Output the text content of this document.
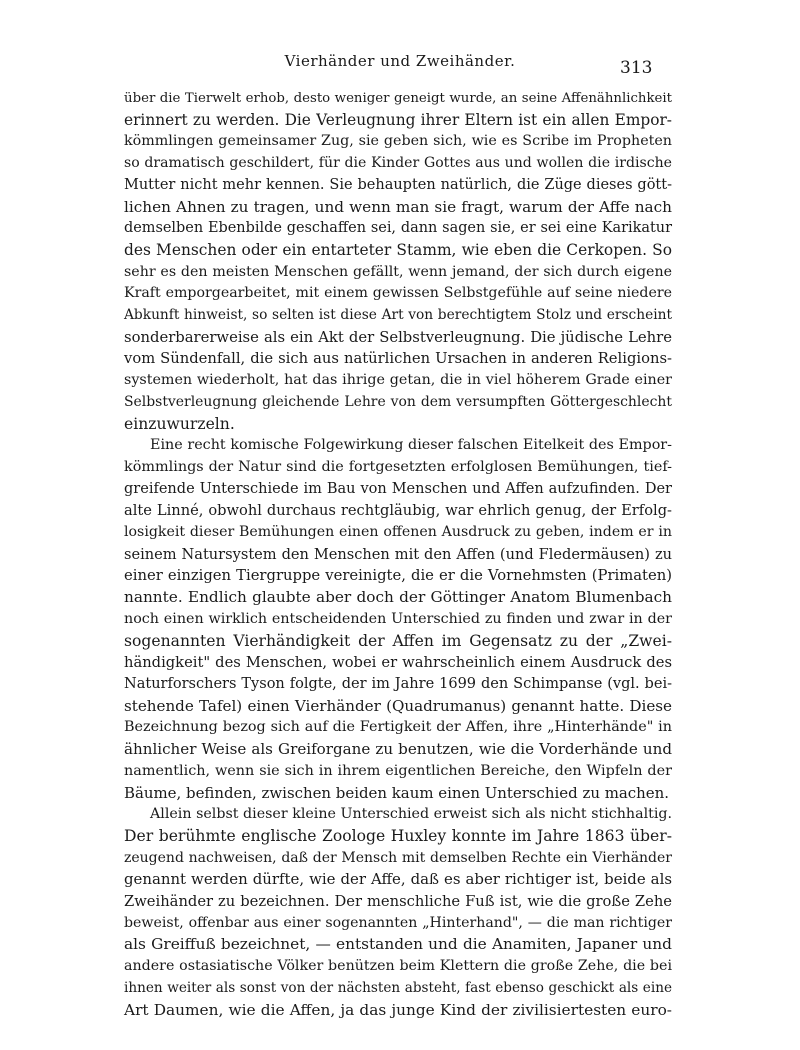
Vierhänder und Zweihänder.	313
über die Tierwelt erhob, desto weniger geneigt wurde, an seine Affenähnlichkeit
erinnert zu werden. Die Verleugnung ihrer Eltern ist ein allen Empor-
kömmlingen gemeinsamer Zug, sie geben sich, wie es Scribe im Propheten
so dramatisch geschildert, für die Kinder Gottes aus und wollen die irdische
Mutter nicht mehr kennen. Sie behaupten natürlich, die Züge dieses gött-
lichen Ahnen zu tragen, und wenn man sie fragt, warum der Affe nach
demselben Ebenbilde geschaffen sei, dann sagen sie, er sei eine Karikatur
des Menschen oder ein entarteter Stamm, wie eben die Cerkopen. So
sehr es den meisten Menschen gefällt, wenn jemand, der sich durch eigene
Kraft emporgearbeitet, mit einem gewissen Selbstgefühle auf seine niedere
Abkunft hinweist, so selten ist diese Art von berechtigtem Stolz und erscheint
sonderbarerweise als ein Akt der Selbstverleugnung. Die jüdische Lehre
vom Sündenfall, die sich aus natürlichen Ursachen in anderen Religions-
systemen wiederholt, hat das ihrige getan, die in viel höherem Grade einer
Selbstverleugnung gleichende Lehre von dem versumpften Göttergeschlecht
einzuwurzeln.
Eine recht komische Folgewirkung dieser falschen Eitelkeit des Empor-
kömmlings der Natur sind die fortgesetzten erfolglosen Bemühungen, tief-
greifende Unterschiede im Bau von Menschen und Affen aufzufinden. Der
alte Linné, obwohl durchaus rechtgläubig, war ehrlich genug, der Erfolg-
losigkeit dieser Bemühungen einen offenen Ausdruck zu geben, indem er in
seinem Natursystem den Menschen mit den Affen (und Fledermäusen) zu
einer einzigen Tiergruppe vereinigte, die er die Vornehmsten (Primaten)
nannte. Endlich glaubte aber doch der Göttinger Anatom Blumenbach
noch einen wirklich entscheidenden Unterschied zu finden und zwar in der
sogenannten Vierhändigkeit der Affen im Gegensatz zu der „Zwei-
händigkeit" des Menschen, wobei er wahrscheinlich einem Ausdruck des
Naturforschers Tyson folgte, der im Jahre 1699 den Schimpanse (vgl. bei-
stehende Tafel) einen Vierhänder (Quadrumanus) genannt hatte. Diese
Bezeichnung bezog sich auf die Fertigkeit der Affen, ihre „Hinterhände" in
ähnlicher Weise als Greiforgane zu benutzen, wie die Vorderhände und
namentlich, wenn sie sich in ihrem eigentlichen Bereiche, den Wipfeln der
Bäume, befinden, zwischen beiden kaum einen Unterschied zu machen.
Allein selbst dieser kleine Unterschied erweist sich als nicht stichhaltig.
Der berühmte englische Zoologe Huxley konnte im Jahre 1863 über-
zeugend nachweisen, daß der Mensch mit demselben Rechte ein Vierhänder
genannt werden dürfte, wie der Affe, daß es aber richtiger ist, beide als
Zweihänder zu bezeichnen. Der menschliche Fuß ist, wie die große Zehe
beweist, offenbar aus einer sogenannten „Hinterhand", — die man richtiger
als Greiffuß bezeichnet, — entstanden und die Anamiten, Japaner und
andere ostasiatische Völker benützen beim Klettern die große Zehe, die bei
ihnen weiter als sonst von der nächsten absteht, fast ebenso geschickt als eine
Art Daumen, wie die Affen, ja das junge Kind der zivilisiertesten euro-
